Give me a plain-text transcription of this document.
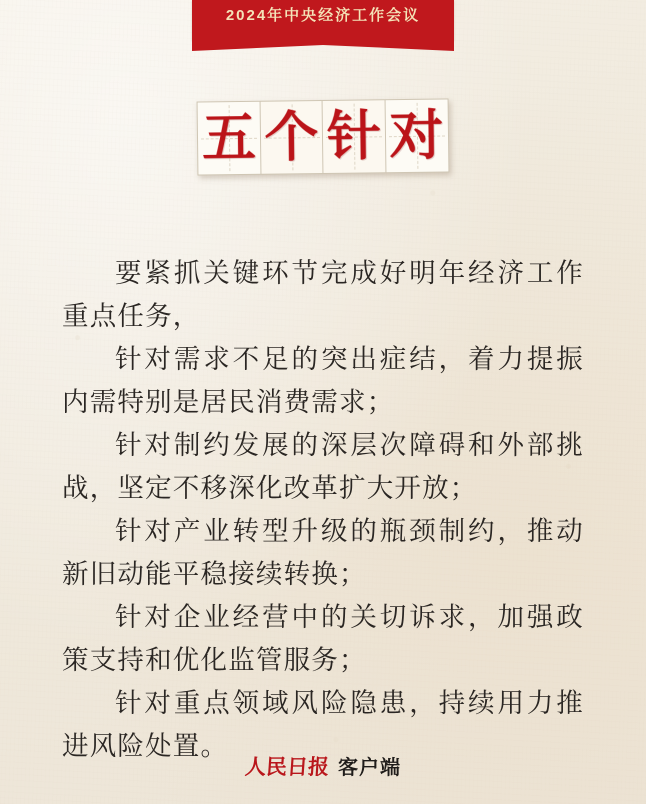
2024年中央经济工作会议
五 个 针 对

要紧抓关键环节完成好明年经济工作重点任务，

针对需求不足的突出症结，着力提振内需特别是居民消费需求；

针对制约发展的深层次障碍和外部挑战，坚定不移深化改革扩大开放；

针对产业转型升级的瓶颈制约，推动新旧动能平稳接续转换；

针对企业经营中的关切诉求，加强政策支持和优化监管服务；

针对重点领域风险隐患，持续用力推进风险处置。

人民日报 客户端
